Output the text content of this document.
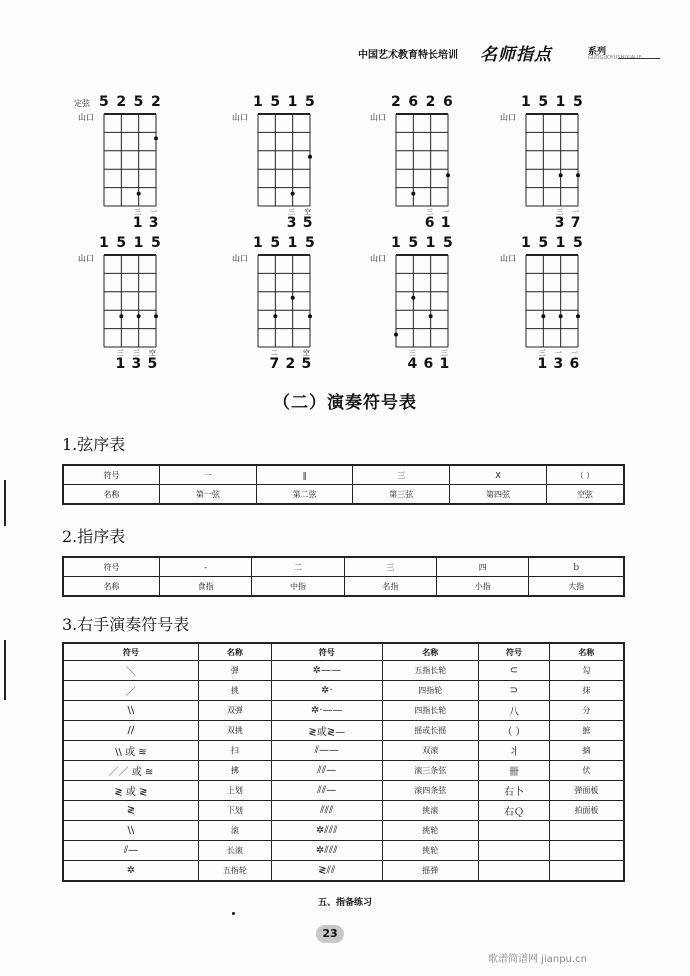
中国艺术教育特长培训 名师指点	系列
GUOGUOYUSHIXIALIE
5 2 5 2
定弦
山口
三
1
一
3
1 5 1 5
山口
三
3
空
5
2 6 2 6
山口
三
6
一
1
1 5 1 5
山口
三
3
一
7
1 5 1 5
山口
三
1
三
3
空
5
1 5 1 5
山口
二
7
2
空
5
1 5 1 5
山口
三
4
6
三
1
1 5 1 5
山口
三
1
一
3
一
6
（二）演奏符号表
1.弦序表
符号	一	‖	三	Ⅹ	（ ）
名称	第一弦	第二弦	第三弦	第四弦	空弦
2.指序表
符号	-	二	三	四	ｂ
名称	食指	中指	名指	小指	大指
3.右手演奏符号表
符号	名称	符号	名称	符号	名称
＼	弹	✲——	五指长轮	⊂	勾
／	挑	✲·	四指轮	⊃	抹
\\	双弹	✲·——	四指长轮	八	分
//	双挑	≷或≷—	摇或长摇	（ ）	摭
\\ 或 ≋	扫	⫽——	双滚	丬	摘
／／ 或 ≋	拂	⫽⫽—	滚三条弦	卌	伏
≷ 或 ≷	上划	⫽⫽—	滚四条弦	右卜	弹面板
≷	下划	⫽⫽⫽	挑滚	右Ｑ	拍面板
\\	滚	✲⫽⫽⫽	挑轮		
⫽—	长滚	✲⫽⫽⫽	挑轮		
✲	五指轮	≷⫽⫽	摇弹		
五、指备练习
23
歌谱简谱网 jianpu.cn
